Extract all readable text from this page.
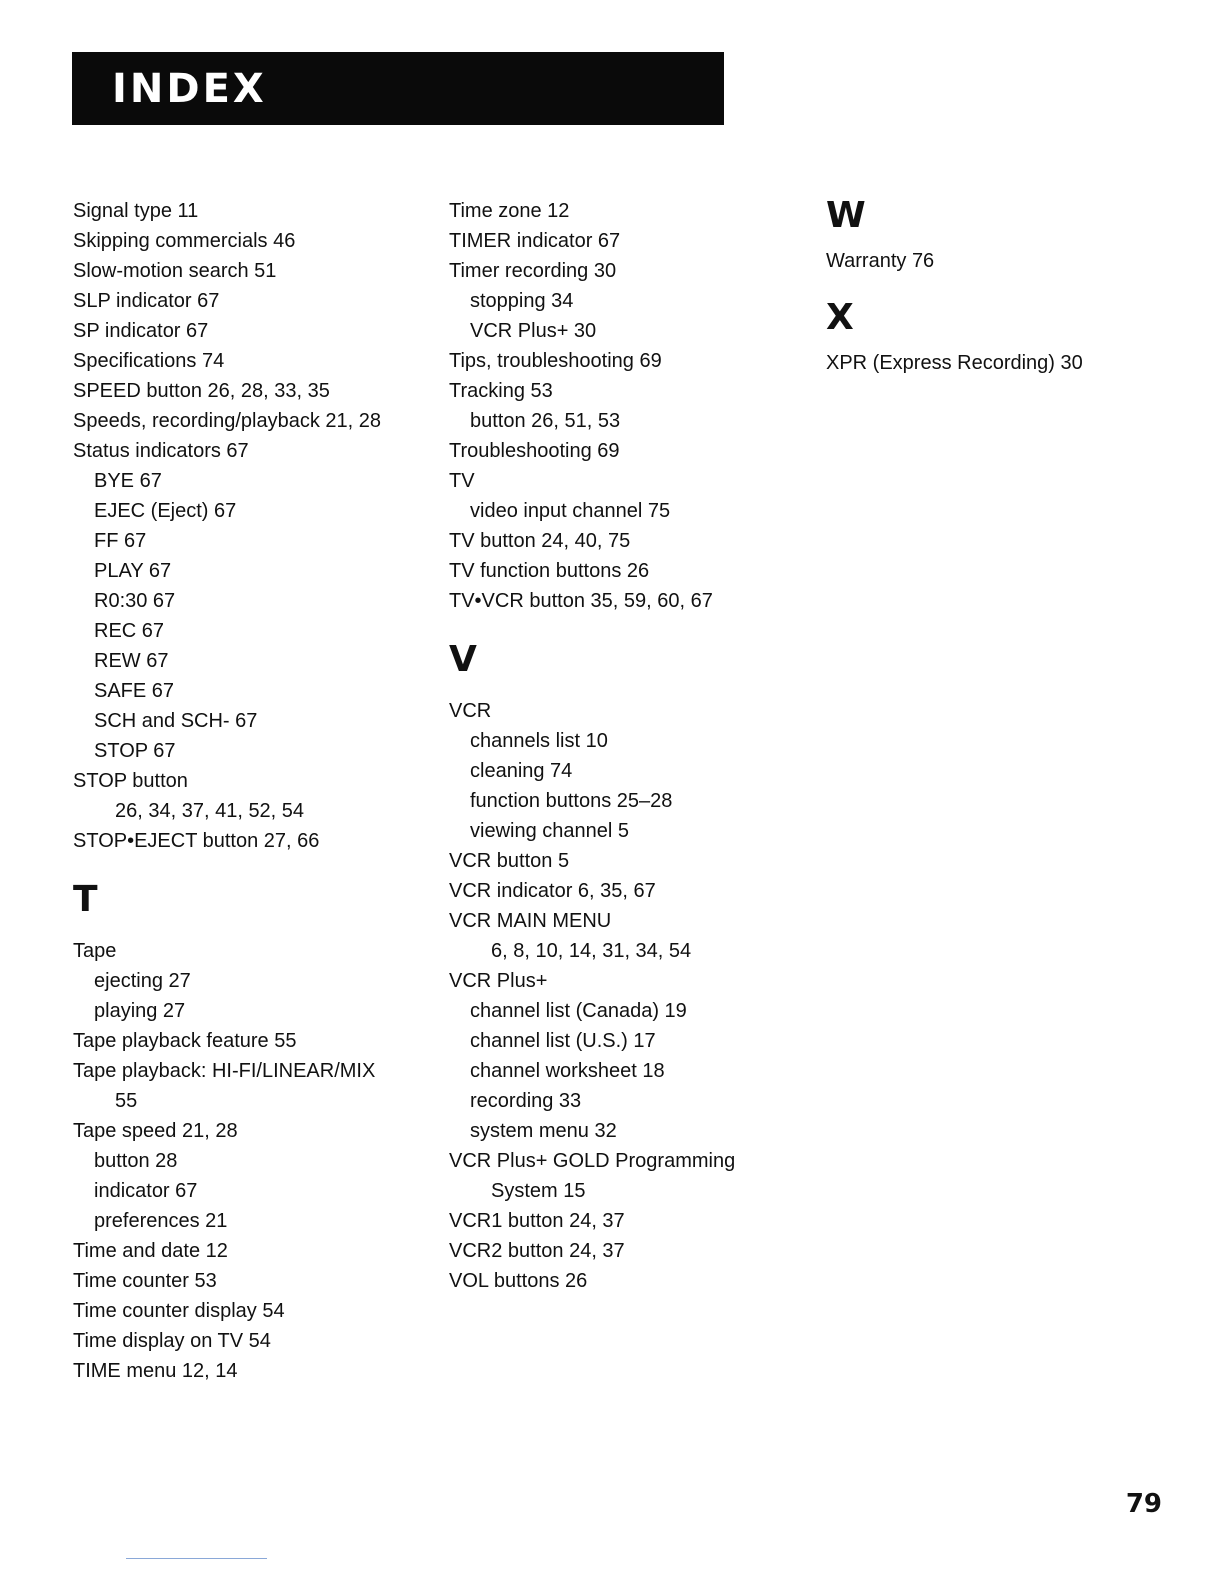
INDEX
Signal type 11
Skipping commercials 46
Slow-motion search 51
SLP indicator 67
SP indicator 67
Specifications 74
SPEED button 26, 28, 33, 35
Speeds, recording/playback 21, 28
Status indicators 67
BYE 67
EJEC (Eject) 67
FF 67
PLAY 67
R0:30 67
REC 67
REW 67
SAFE 67
SCH and SCH- 67
STOP 67
STOP button
26, 34, 37, 41, 52, 54
STOP•EJECT button 27, 66
T
Tape
ejecting 27
playing 27
Tape playback feature 55
Tape playback: HI-FI/LINEAR/MIX
55
Tape speed 21, 28
button 28
indicator 67
preferences 21
Time and date 12
Time counter 53
Time counter display 54
Time display on TV 54
TIME menu 12, 14
Time zone 12
TIMER indicator 67
Timer recording 30
stopping 34
VCR Plus+ 30
Tips, troubleshooting 69
Tracking 53
button 26, 51, 53
Troubleshooting 69
TV
video input channel 75
TV button 24, 40, 75
TV function buttons 26
TV•VCR button 35, 59, 60, 67
V
VCR
channels list 10
cleaning 74
function buttons 25–28
viewing channel 5
VCR button 5
VCR indicator 6, 35, 67
VCR MAIN MENU
6, 8, 10, 14, 31, 34, 54
VCR Plus+
channel list (Canada) 19
channel list (U.S.) 17
channel worksheet 18
recording 33
system menu 32
VCR Plus+ GOLD Programming
System 15
VCR1 button 24, 37
VCR2 button 24, 37
VOL buttons 26
W
Warranty 76
X
XPR (Express Recording) 30
79
